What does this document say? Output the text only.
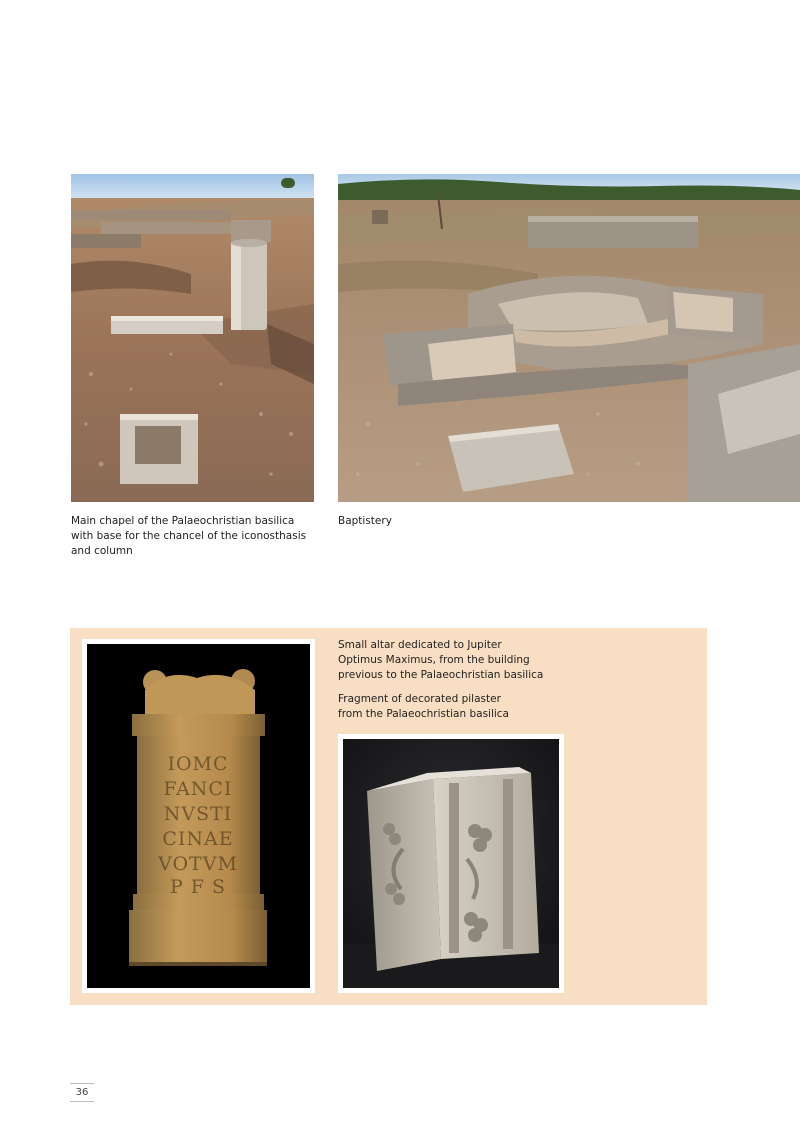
Main chapel of the Palaeochristian basilica
with base for the chancel of the iconosthasis
and column
Baptistery
IOMC
FANCI
NVSTI
CINAE
VOTVM
P F S
Small altar dedicated to Jupiter
Optimus Maximus, from the building
previous to the Palaeochristian basilica
Fragment of decorated pilaster
from the Palaeochristian basilica
36
